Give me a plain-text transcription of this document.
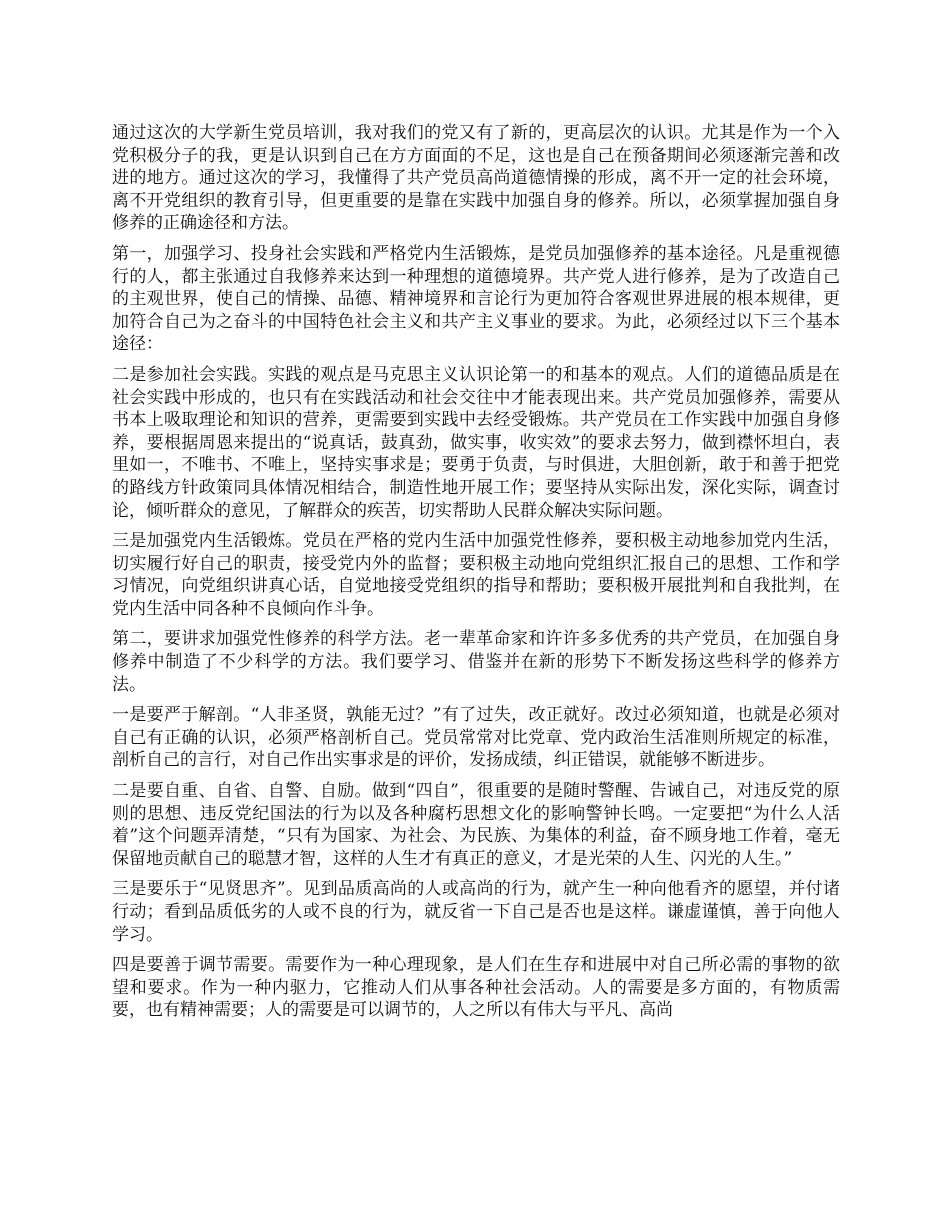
通过这次的大学新生党员培训，我对我们的党又有了新的，更高层次的认识。尤其是作为一个入党积极分子的我，更是认识到自己在方方面面的不足，这也是自己在预备期间必须逐渐完善和改进的地方。通过这次的学习，我懂得了共产党员高尚道德情操的形成，离不开一定的社会环境，离不开党组织的教育引导，但更重要的是靠在实践中加强自身的修养。所以，必须掌握加强自身修养的正确途径和方法。

第一，加强学习、投身社会实践和严格党内生活锻炼，是党员加强修养的基本途径。凡是重视德行的人，都主张通过自我修养来达到一种理想的道德境界。共产党人进行修养，是为了改造自己的主观世界，使自己的情操、品德、精神境界和言论行为更加符合客观世界进展的根本规律，更加符合自己为之奋斗的中国特色社会主义和共产主义事业的要求。为此，必须经过以下三个基本途径：

二是参加社会实践。实践的观点是马克思主义认识论第一的和基本的观点。人们的道德品质是在社会实践中形成的，也只有在实践活动和社会交往中才能表现出来。共产党员加强修养，需要从书本上吸取理论和知识的营养，更需要到实践中去经受锻炼。共产党员在工作实践中加强自身修养，要根据周恩来提出的“说真话，鼓真劲，做实事，收实效”的要求去努力，做到襟怀坦白，表里如一，不唯书、不唯上，坚持实事求是；要勇于负责，与时俱进，大胆创新，敢于和善于把党的路线方针政策同具体情况相结合，制造性地开展工作；要坚持从实际出发，深化实际，调查讨论，倾听群众的意见，了解群众的疾苦，切实帮助人民群众解决实际问题。

三是加强党内生活锻炼。党员在严格的党内生活中加强党性修养，要积极主动地参加党内生活，切实履行好自己的职责，接受党内外的监督；要积极主动地向党组织汇报自己的思想、工作和学习情况，向党组织讲真心话，自觉地接受党组织的指导和帮助；要积极开展批判和自我批判，在党内生活中同各种不良倾向作斗争。

第二，要讲求加强党性修养的科学方法。老一辈革命家和许许多多优秀的共产党员，在加强自身修养中制造了不少科学的方法。我们要学习、借鉴并在新的形势下不断发扬这些科学的修养方法。

一是要严于解剖。“人非圣贤，孰能无过？”有了过失，改正就好。改过必须知道，也就是必须对自己有正确的认识，必须严格剖析自己。党员常常对比党章、党内政治生活准则所规定的标准，剖析自己的言行，对自己作出实事求是的评价，发扬成绩，纠正错误，就能够不断进步。

二是要自重、自省、自警、自励。做到“四自”，很重要的是随时警醒、告诫自己，对违反党的原则的思想、违反党纪国法的行为以及各种腐朽思想文化的影响警钟长鸣。一定要把“为什么人活着”这个问题弄清楚，“只有为国家、为社会、为民族、为集体的利益，奋不顾身地工作着，毫无保留地贡献自己的聪慧才智，这样的人生才有真正的意义，才是光荣的人生、闪光的人生。”

三是要乐于“见贤思齐”。见到品质高尚的人或高尚的行为，就产生一种向他看齐的愿望，并付诸行动；看到品质低劣的人或不良的行为，就反省一下自己是否也是这样。谦虚谨慎，善于向他人学习。

四是要善于调节需要。需要作为一种心理现象，是人们在生存和进展中对自己所必需的事物的欲望和要求。作为一种内驱力，它推动人们从事各种社会活动。人的需要是多方面的，有物质需要，也有精神需要；人的需要是可以调节的，人之所以有伟大与平凡、高尚
